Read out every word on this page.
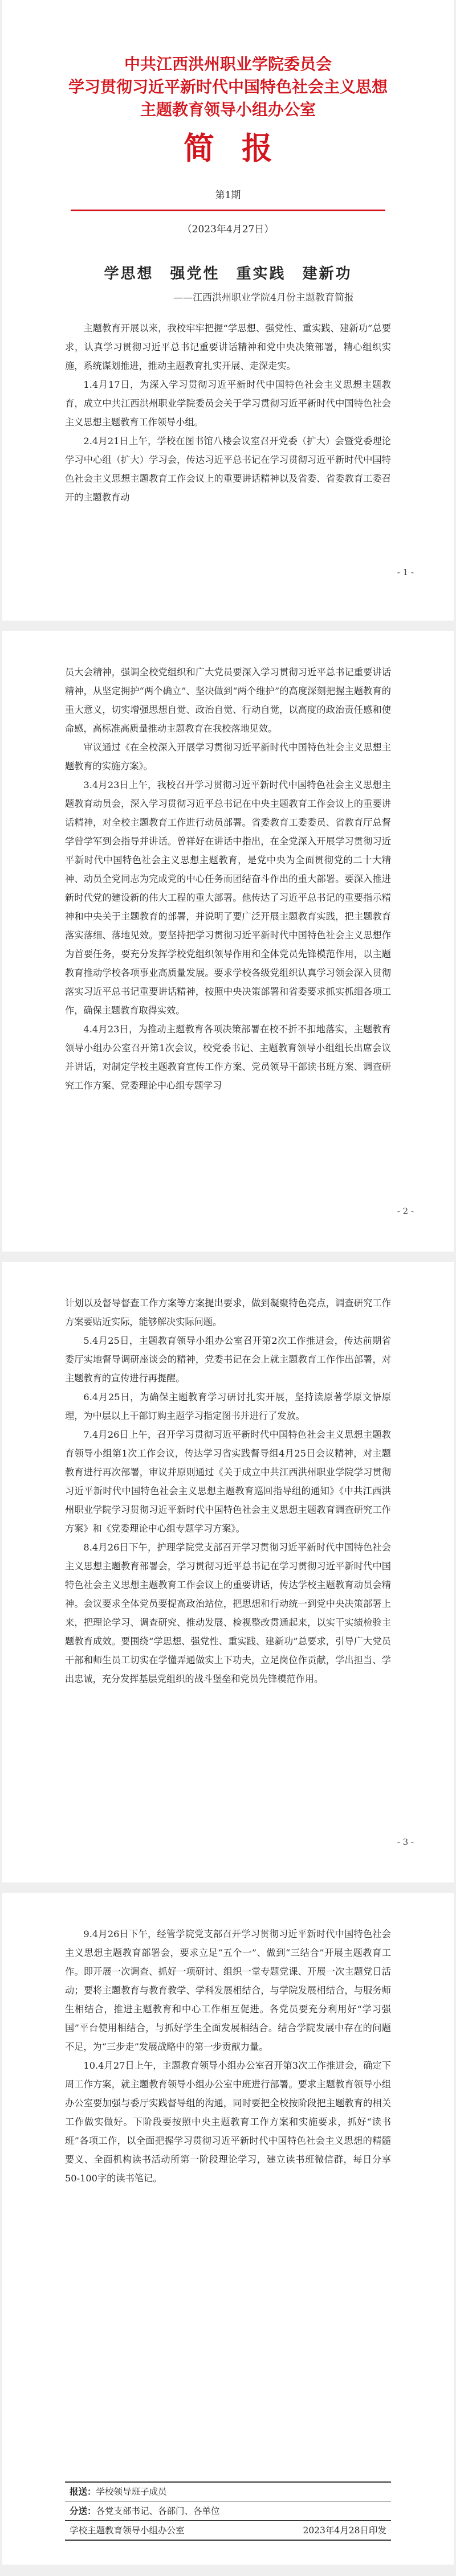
中共江西洪州职业学院委员会
学习贯彻习近平新时代中国特色社会主义思想
主题教育领导小组办公室
简报
第1期
（2023年4月27日）
学思想　强党性　重实践　建新功
——江西洪州职业学院4月份主题教育简报

主题教育开展以来，我校牢牢把握“学思想、强党性、重实践、建新功”总要求，认真学习贯彻习近平总书记重要讲话精神和党中央决策部署，精心组织实施，系统谋划推进，推动主题教育扎实开展、走深走实。

1.4月17日，为深入学习贯彻习近平新时代中国特色社会主义思想主题教育，成立中共江西洪州职业学院委员会关于学习贯彻习近平新时代中国特色社会主义思想主题教育工作领导小组。

2.4月21日上午，学校在图书馆八楼会议室召开党委（扩大）会暨党委理论学习中心组（扩大）学习会，传达习近平总书记在学习贯彻习近平新时代中国特色社会主义思想主题教育工作会议上的重要讲话精神以及省委、省委教育工委召开的主题教育动

- 1 -

员大会精神，强调全校党组织和广大党员要深入学习贯彻习近平总书记重要讲话精神，从坚定拥护“两个确立”、坚决做到“两个维护”的高度深刻把握主题教育的重大意义，切实增强思想自觉、政治自觉、行动自觉，以高度的政治责任感和使命感，高标准高质量推动主题教育在我校落地见效。

审议通过《在全校深入开展学习贯彻习近平新时代中国特色社会主义思想主题教育的实施方案》。

3.4月23日上午，我校召开学习贯彻习近平新时代中国特色社会主义思想主题教育动员会，深入学习贯彻习近平总书记在中央主题教育工作会议上的重要讲话精神，对全校主题教育工作进行动员部署。省委教育工委委员、省教育厅总督学曾学军到会指导并讲话。曾祥好在讲话中指出，在全党深入开展学习贯彻习近平新时代中国特色社会主义思想主题教育，是党中央为全面贯彻党的二十大精神、动员全党同志为完成党的中心任务而团结奋斗作出的重大部署。要深入推进新时代党的建设新的伟大工程的重大部署。他传达了习近平总书记的重要指示精神和中央关于主题教育的部署，并说明了要广泛开展主题教育实践，把主题教育落实落细、落地见效。要坚持把学习贯彻习近平新时代中国特色社会主义思想作为首要任务，要充分发挥学校党组织领导作用和全体党员先锋模范作用，以主题教育推动学校各项事业高质量发展。要求学校各级党组织认真学习领会深入贯彻落实习近平总书记重要讲话精神，按照中央决策部署和省委要求抓实抓细各项工作，确保主题教育取得实效。

4.4月23日，为推动主题教育各项决策部署在校不折不扣地落实，主题教育领导小组办公室召开第1次会议，校党委书记、主题教育领导小组组长出席会议并讲话，对制定学校主题教育宣传工作方案、党员领导干部读书班方案、调查研究工作方案、党委理论中心组专题学习

- 2 -

计划以及督导督查工作方案等方案提出要求，做到凝聚特色亮点，调查研究工作方案要贴近实际，能够解决实际问题。

5.4月25日，主题教育领导小组办公室召开第2次工作推进会，传达前期省委厅实地督导调研座谈会的精神，党委书记在会上就主题教育工作作出部署，对主题教育的宣传进行再提醒。

6.4月25日，为确保主题教育学习研讨扎实开展，坚持读原著学原文悟原理，为中层以上干部订购主题学习指定图书并进行了发放。

7.4月26日上午，召开学习贯彻习近平新时代中国特色社会主义思想主题教育领导小组第1次工作会议，传达学习省实践督导组4月25日会议精神，对主题教育进行再次部署，审议并原则通过《关于成立中共江西洪州职业学院学习贯彻习近平新时代中国特色社会主义思想主题教育巡回指导组的通知》《中共江西洪州职业学院学习贯彻习近平新时代中国特色社会主义思想主题教育调查研究工作方案》和《党委理论中心组专题学习方案》。

8.4月26日下午，护理学院党支部召开学习贯彻习近平新时代中国特色社会主义思想主题教育部署会，学习贯彻习近平总书记在学习贯彻习近平新时代中国特色社会主义思想主题教育工作会议上的重要讲话，传达学校主题教育动员会精神。会议要求全体党员要提高政治站位，把思想和行动统一到党中央决策部署上来，把理论学习、调查研究、推动发展、检视整改贯通起来，以实干实绩检验主题教育成效。要围绕“学思想、强党性、重实践、建新功”总要求，引导广大党员干部和师生员工切实在学懂弄通做实上下功夫，立足岗位作贡献，学出担当、学出忠诚，充分发挥基层党组织的战斗堡垒和党员先锋模范作用。

- 3 -

9.4月26日下午，经管学院党支部召开学习贯彻习近平新时代中国特色社会主义思想主题教育部署会，要求立足“五个一”、做到“三结合”开展主题教育工作。即开展一次调查、抓好一项研讨、组织一堂专题党课、开展一次主题党日活动；要将主题教育与教育教学、学科发展相结合，与学院发展相结合，与服务师生相结合，推进主题教育和中心工作相互促进。各党员要充分利用好“学习强国”平台使用相结合，与抓好学生全面发展相结合。结合学院发展中存在的问题不足，为“三步走”发展战略中的第一步贡献力量。

10.4月27日上午，主题教育领导小组办公室召开第3次工作推进会，确定下周工作方案，就主题教育领导小组办公室中班进行部署。要求主题教育领导小组办公室要加强与委厅实践督导组的沟通，同时要把全校按阶段把主题教育的相关工作做实做好。下阶段要按照中央主题教育工作方案和实施要求，抓好“读书班”各项工作，以全面把握学习贯彻习近平新时代中国特色社会主义思想的精髓要义、全面机构读书活动所第一阶段理论学习，建立读书班微信群，每日分享50-100字的读书笔记。

报送：学校领导班子成员
分送：各党支部书记、各部门、各单位
学校主题教育领导小组办公室	2023年4月28日印发
